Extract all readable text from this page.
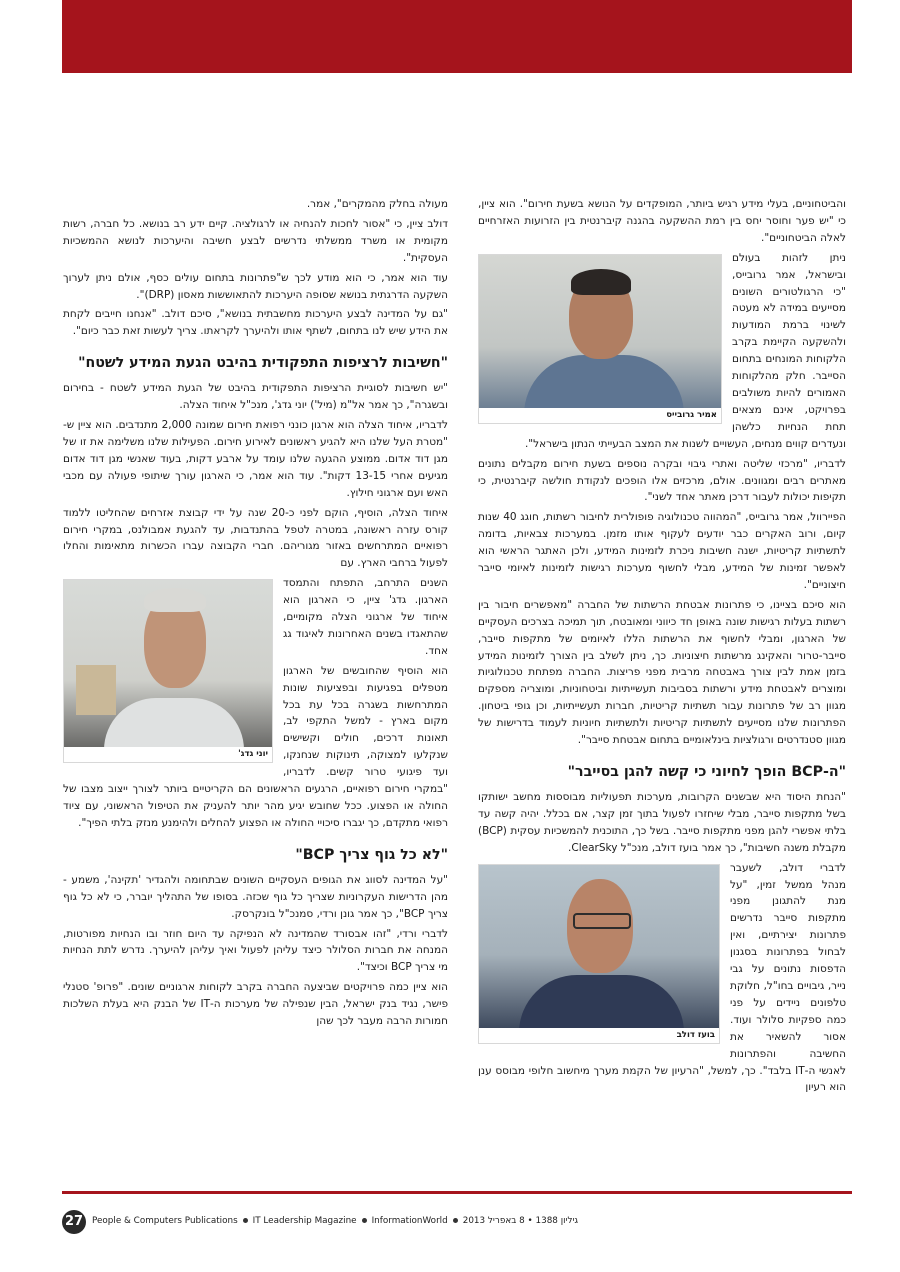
והביטחוניים, בעלי מידע רגיש ביותר, המופקדים על הנושא בשעת חירום". הוא ציין, כי "יש פער וחוסר יחס בין רמת ההשקעה בהגנה קיברנטית בין הזרועות האזרחיים לאלה הביטחוניים".

אמיר גרובייס

ניתן לזהות בעולם ובישראל, אמר גרובייס, "כי הרגולטורים השונים מסייעים במידה לא מעטה לשינוי ברמת המודעות ולהשקעה הקיימת בקרב הלקוחות המונחים בתחום הסייבר. חלק מהלקוחות האמורים להיות משולבים בפרויקט, אינם מצאים תחת הנחיות כלשהן ונעדרים קווים מנחים, העשויים לשנות את המצב הבעייתי הנתון בישראל".

לדבריו, "מרכזי שליטה ואתרי גיבוי ובקרה נוספים בשעת חירום מקבלים נתונים מאתרים רבים ומגוונים. אולם, מרכזים אלו הופכים לנקודת חולשה קיברנטית, כי תקיפות יכולות לעבור דרכן מאתר אחד לשני".

הפיירוול, אמר גרובייס, "המהווה טכנולוגיה פופולרית לחיבור רשתות, חוגג 40 שנות קיום, ורוב האקרים כבר יודעים לעקוף אותו מזמן. במערכות צבאיות, בדומה לתשתיות קריטיות, ישנה חשיבות ניכרת לזמינות המידע, ולכן האתגר הראשי הוא לאפשר זמינות של המידע, מבלי לחשוף מערכות רגישות לזמינות לאיומי סייבר חיצוניים".

הוא סיכם בציינו, כי פתרונות אבטחת הרשתות של החברה "מאפשרים חיבור בין רשתות בעלות רגישות שונה באופן חד כיווני ומאובטח, תוך תמיכה בצרכים העסקיים של הארגון, ומבלי לחשוף את הרשתות הללו לאיומים של מתקפות סייבר, סייבר-טרור והאקינג מרשתות חיצוניות. כך, ניתן לשלב בין הצורך לזמינות המידע בזמן אמת לבין צורך באבטחה מרבית מפני פריצות. החברה מפתחת טכנולוגיות ומוצרים לאבטחת מידע ורשתות בסביבות תעשייתיות וביטחוניות, ומוצריה מספקים מגוון רב של פתרונות עבור תשתיות קריטיות, חברות תעשייתיות, וכן גופי ביטחון. הפתרונות שלנו מסייעים לתשתיות קריטיות ולתשתיות חיוניות לעמוד בדרישות של מגוון סטנדרטים ורגולציות בינלאומיים בתחום אבטחת סייבר".

"ה-BCP הופך לחיוני כי קשה להגן בסייבר"

"הנחת היסוד היא שבשנים הקרובות, מערכות תפעוליות מבוססות מחשב ישותקו בשל מתקפות סייבר, מבלי שיחזרו לפעול בתוך זמן קצר, אם בכלל. יהיה קשה עד בלתי אפשרי להגן מפני מתקפות סייבר. בשל כך, התוכנית להמשכיות עסקית (BCP) מקבלת משנה חשיבות", כך אמר בועז דולב, מנכ"ל ClearSky.

בועז דולב

לדברי דולב, לשעבר מנהל ממשל זמין, "על מנת להתגונן מפני מתקפות סייבר נדרשים פתרונות יצירתיים, ואין לבחול בפתרונות בסגנון הדפסות נתונים על גבי נייר, גיבויים בחו"ל, חלוקת טלפונים ניידים על פני כמה ספקיות סלולר ועוד. אסור להשאיר את החשיבה והפתרונות לאנשי ה-IT בלבד". כך, למשל, "הרעיון של הקמת מערך מיחשוב חלופי מבוסס ענן הוא רעיון

מעולה בחלק מהמקרים", אמר.

דולב ציין, כי "אסור לחכות להנחיה או לרגולציה. קיים ידע רב בנושא. כל חברה, רשות מקומית או משרד ממשלתי נדרשים לבצע חשיבה והיערכות לנושא ההמשכיות העסקית".

עוד הוא אמר, כי הוא מודע לכך ש"פתרונות בתחום עולים כסף, אולם ניתן לערוך השקעה הדרגתית בנושא שסופה היערכות להתאוששות מאסון (DRP)".

"גם על המדינה לבצע היערכות מחשבתית בנושא", סיכם דולב. "אנחנו חייבים לקחת את הידע שיש לנו בתחום, לשתף אותו ולהיערך לקראתו. צריך לעשות זאת כבר כיום".

"חשיבות לרציפות התפקודית בהיבט הגעת המידע לשטח"

"יש חשיבות לסוגיית הרציפות התפקודית בהיבט של הגעת המידע לשטח - בחירום ובשגרה", כך אמר אל"מ (מיל') יוני גדג', מנכ"ל איחוד הצלה.

לדבריו, איחוד הצלה הוא ארגון כונני רפואת חירום שמונה 2,000 מתנדבים. הוא ציין ש-"מטרת העל שלנו היא להגיע ראשונים לאירוע חירום. הפעילות שלנו משלימה את זו של מגן דוד אדום. ממוצע ההגעה שלנו עומד על ארבע דקות, בעוד שאנשי מגן דוד אדום מגיעים אחרי 13-15 דקות". עוד הוא אמר, כי הארגון עורך שיתופי פעולה עם מכבי האש ועם ארגוני חילוץ.

איחוד הצלה, הוסיף, הוקם לפני כ-20 שנה על ידי קבוצת אזרחים שהחליטו ללמוד קורס עזרה ראשונה, במטרה לטפל בהתנדבות, עד להגעת אמבולנס, במקרי חירום רפואיים המתרחשים באזור מגוריהם. חברי הקבוצה עברו הכשרות מתאימות והחלו לפעול ברחבי הארץ. עם

יוני גדג'

השנים התרחב, התפתח והתמסד הארגון. גדג' ציין, כי הארגון הוא איחוד של ארגוני הצלה מקומיים, שהתאגדו בשנים האחרונות לאיגוד גג אחד.

הוא הוסיף שהחובשים של הארגון מטפלים בפגיעות ובפציעות שונות המתרחשות בשגרה בכל עת בכל מקום בארץ - למשל התקפי לב, תאונות דרכים, חולים וקשישים שנקלעו למצוקה, תינוקות שנחנקו, ועד פיגועי טרור קשים. לדבריו, "במקרי חירום רפואיים, הרגעים הראשונים הם הקריטיים ביותר לצורך ייצוב מצבו של החולה או הפצוע. ככל שחובש יגיע מהר יותר להעניק את הטיפול הראשוני, עם ציוד רפואי מתקדם, כך יגברו סיכויי החולה או הפצוע להחלים ולהימנע מנזק בלתי הפיך".

"לא כל גוף צריך BCP"

"על המדינה לסווג את הגופים העסקיים השונים שבתחומה ולהגדיר 'תקינה', משמע - מהן הדרישות העקרוניות שצריך כל גוף שכזה. בסופו של התהליך יוברר, כי לא כל גוף צריך BCP", כך אמר גונן ורדי, סמנכ"ל בונקרסק.

לדברי ורדי, "זהו אבסורד שהמדינה לא הנפיקה עד היום חוזר ובו הנחיות מפורטות, המנחה את חברות הסלולר כיצד עליהן לפעול ואיך עליהן להיערך. נדרש לתת הנחיות מי צריך BCP וכיצד".

הוא ציין כמה פרויקטים שביצעה החברה בקרב לקוחות ארגוניים שונים. "פרופ' סטנלי פישר, נגיד בנק ישראל, הבין שנפילה של מערכות ה-IT של הבנק היא בעלת השלכות חמורות הרבה מעבר לכך שהן

27	People & Computers Publications IT Leadership Magazine InformationWorld גיליון 1388 • 8 באפריל 2013
